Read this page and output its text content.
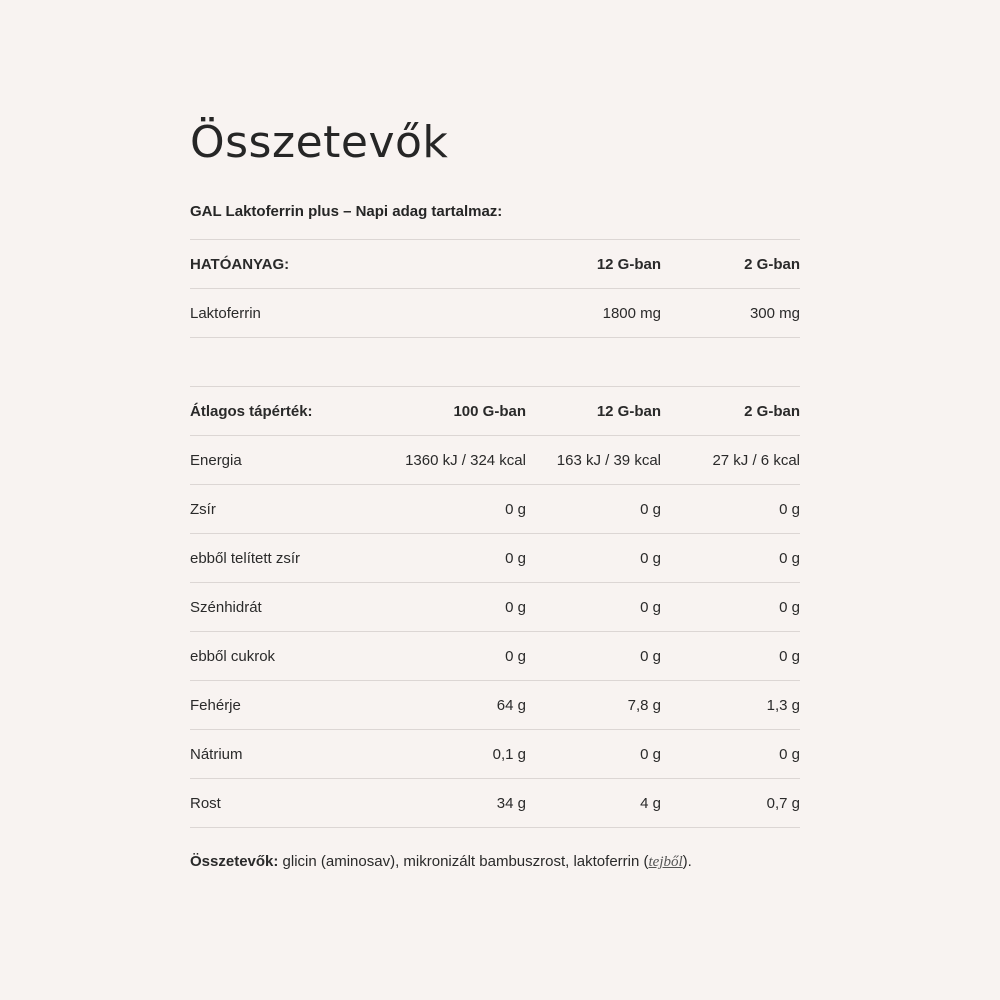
Összetevők
GAL Laktoferrin plus – Napi adag tartalmaz:
HATÓANYAG:	12 G-ban	2 G-ban
Laktoferrin	1800 mg	300 mg
Átlagos tápérték:	100 G-ban	12 G-ban	2 G-ban
Energia	1360 kJ / 324 kcal	163 kJ / 39 kcal	27 kJ / 6 kcal
Zsír	0 g	0 g	0 g
ebből telített zsír	0 g	0 g	0 g
Szénhidrát	0 g	0 g	0 g
ebből cukrok	0 g	0 g	0 g
Fehérje	64 g	7,8 g	1,3 g
Nátrium	0,1 g	0 g	0 g
Rost	34 g	4 g	0,7 g
Összetevők: glicin (aminosav), mikronizált bambuszrost, laktoferrin (tejből).
